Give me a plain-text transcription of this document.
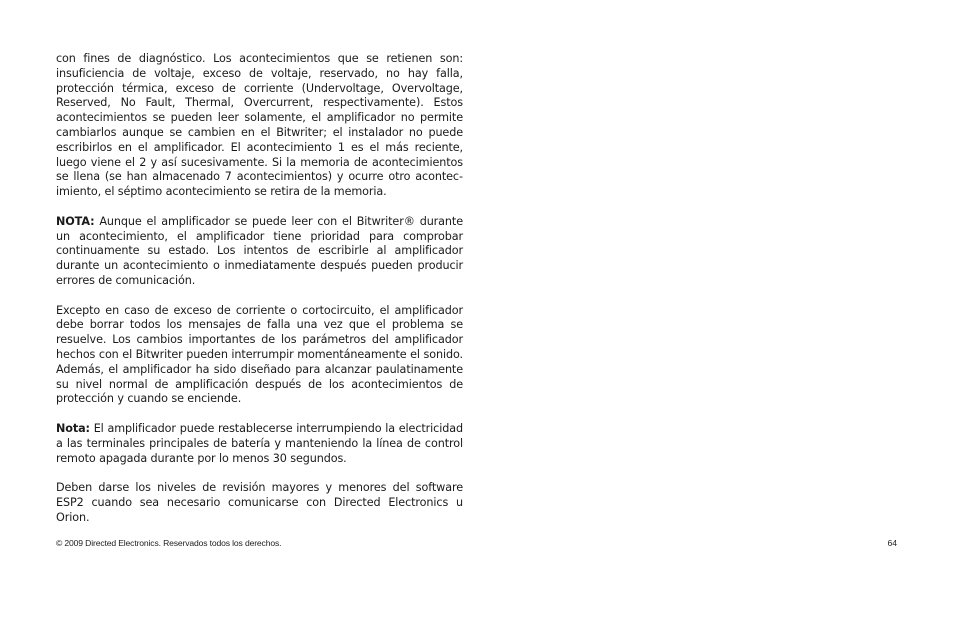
con fines de diagnóstico. Los acontecimientos que se retienen son: insuficiencia de voltaje, exceso de voltaje, reservado, no hay falla, protección térmica, exceso de corriente (Undervoltage, Overvoltage, Reserved, No Fault, Thermal, Overcurrent, respectivamente). Estos acontecimientos se pueden leer solamente, el amplificador no permite cambiarlos aunque se cambien en el Bitwriter; el instalador no puede escribirlos en el amplificador. El acontecimiento 1 es el más reciente, luego viene el 2 y así sucesivamente. Si la memoria de acontecimientos se llena (se han almacenado 7 acontecimientos) y ocurre otro acontecimiento, el séptimo acontecimiento se retira de la memoria.

NOTA: Aunque el amplificador se puede leer con el Bitwriter® durante un acontecimiento, el amplificador tiene prioridad para comprobar continuamente su estado. Los intentos de escribirle al amplificador durante un acontecimiento o inmediatamente después pueden producir errores de comunicación.

Excepto en caso de exceso de corriente o cortocircuito, el amplificador debe borrar todos los mensajes de falla una vez que el problema se resuelve. Los cambios importantes de los parámetros del amplificador hechos con el Bitwriter pueden interrumpir momentáneamente el sonido. Además, el amplificador ha sido diseñado para alcanzar paulatinamente su nivel normal de amplificación después de los acontecimientos de protección y cuando se enciende.

Nota: El amplificador puede restablecerse interrumpiendo la electricidad a las terminales principales de batería y manteniendo la línea de control remoto apagada durante por lo menos 30 segundos.

Deben darse los niveles de revisión mayores y menores del software ESP2 cuando sea necesario comunicarse con Directed Electronics u Orion.

© 2009 Directed Electronics. Reservados todos los derechos.	64
